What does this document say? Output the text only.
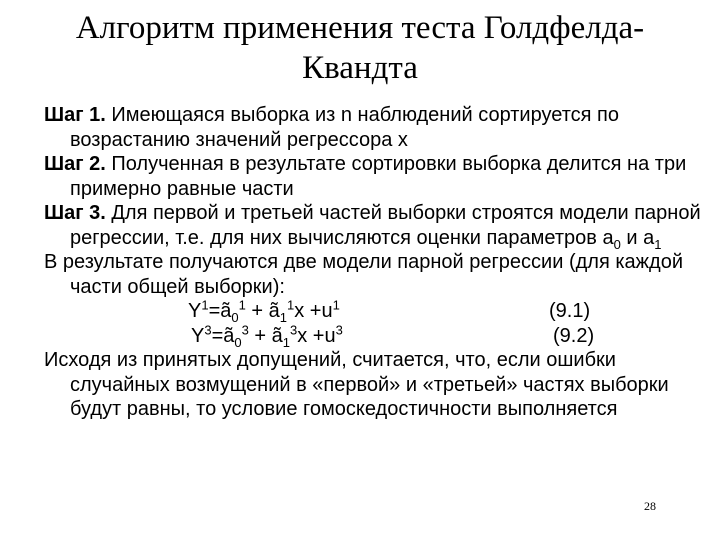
Алгоритм применения теста Голдфелда-
Квандта
Шаг 1. Имеющаяся выборка из n наблюдений сортируется по возрастанию значений регрессора x
Шаг 2. Полученная в результате сортировки выборка делится на три примерно равные части
Шаг 3. Для первой и третьей частей выборки строятся модели парной регрессии, т.е. для них вычисляются оценки параметров $a_0$ и $a_1$
В результате получаются две модели парной регрессии (для каждой части общей выборки):
$Y^1=ã_0^1$ + $ã_1^1x +u^1$	(9.1)
$Y^3=ã_0^3$ + $ã_1^3x +u^3$	(9.2)
Исходя из принятых допущений, считается, что, если ошибки случайных возмущений в «первой» и «третьей» частях выборки будут равны, то условие гомоскедостичности выполняется
28
